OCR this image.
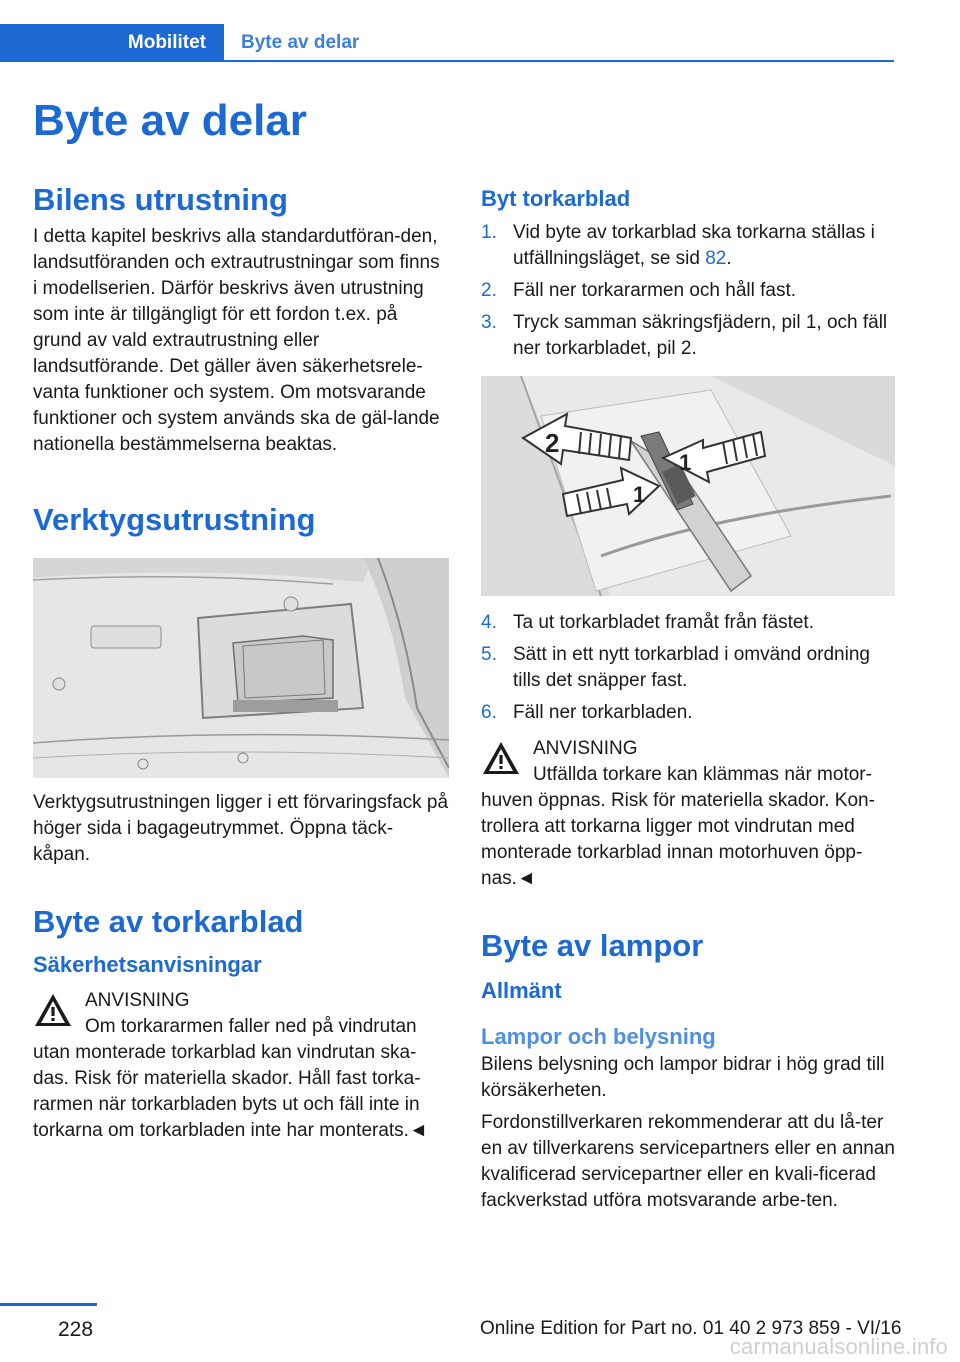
Mobilitet	Byte av delar
Byte av delar
Bilens utrustning

I detta kapitel beskrivs alla standardutföran-den, landsutföranden och extrautrustningar som finns i modellserien. Därför beskrivs även utrustning som inte är tillgängligt för ett fordon t.ex. på grund av vald extrautrustning eller landsutförande. Det gäller även säkerhetsrele-vanta funktioner och system. Om motsvarande funktioner och system används ska de gäl-lande nationella bestämmelserna beaktas.

Verktygsutrustning

Verktygsutrustningen ligger i ett förvaringsfack på höger sida i bagageutrymmet. Öppna täck-kåpan.

Byte av torkarblad
Säkerhetsanvisningar
ANVISNING
Om torkararmen faller ned på vindrutan utan monterade torkarblad kan vindrutan ska-das. Risk för materiella skador. Håll fast torka-rarmen när torkarbladen byts ut och fäll inte in torkarna om torkarbladen inte har monterats.◄
Byt torkarblad
1. Vid byte av torkarblad ska torkarna ställas i utfällningsläget, se sid 82.
2. Fäll ner torkararmen och håll fast.
3. Tryck samman säkringsfjädern, pil 1, och fäll ner torkarbladet, pil 2.
2
1
1
4. Ta ut torkarbladet framåt från fästet.
5. Sätt in ett nytt torkarblad i omvänd ordning tills det snäpper fast.
6. Fäll ner torkarbladen.
ANVISNING
Utfällda torkare kan klämmas när motor-huven öppnas. Risk för materiella skador. Kon-trollera att torkarna ligger mot vindrutan med monterade torkarblad innan motorhuven öpp-nas.◄
Byte av lampor
Allmänt
Lampor och belysning

Bilens belysning och lampor bidrar i hög grad till körsäkerheten.

Fordonstillverkaren rekommenderar att du lå-ter en av tillverkarens servicepartners eller en annan kvalificerad servicepartner eller en kvali-ficerad fackverkstad utföra motsvarande arbe-ten.

228	Online Edition for Part no. 01 40 2 973 859 - VI/16
carmanualsonline.info
